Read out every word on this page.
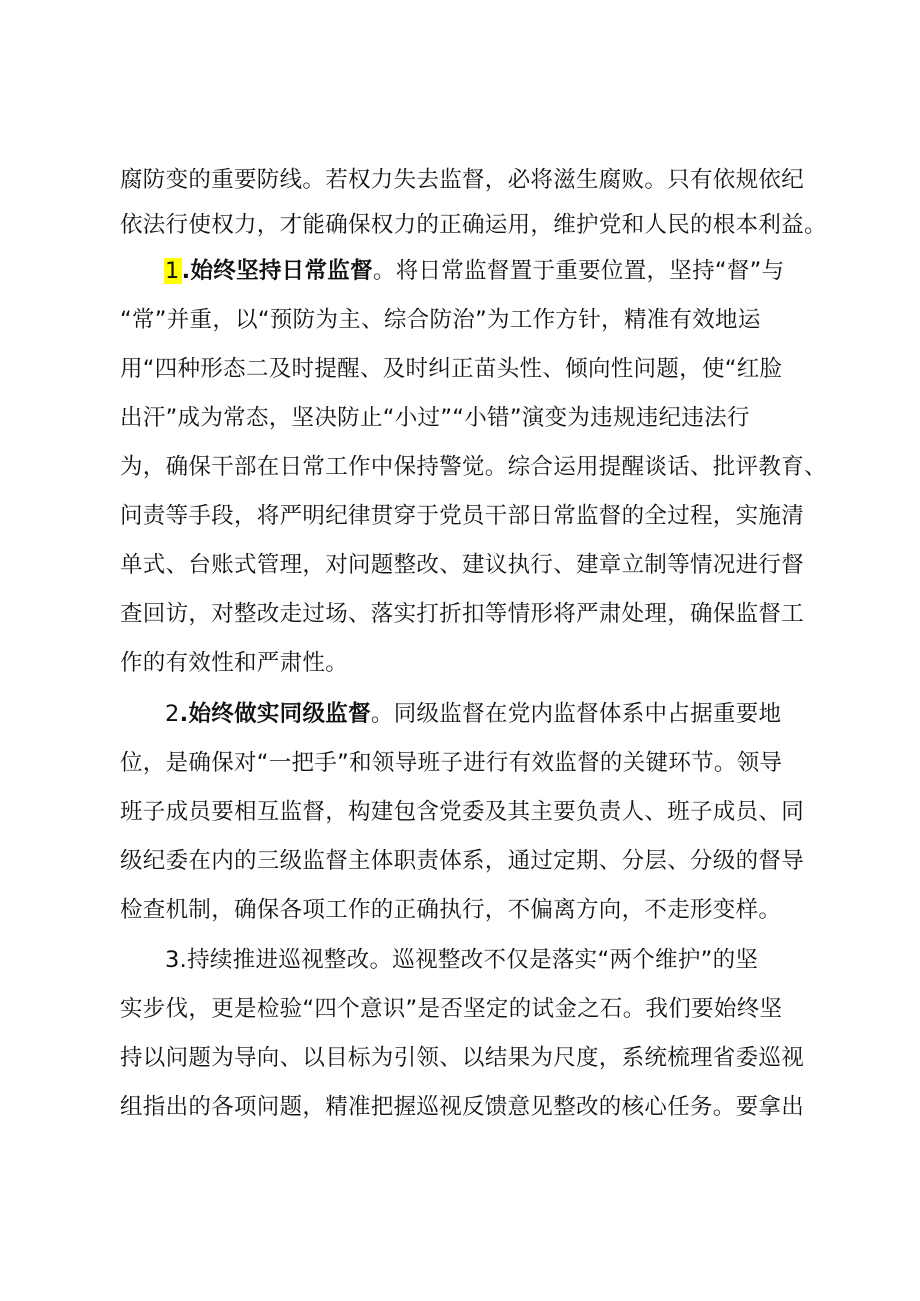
腐防变的重要防线。若权力失去监督，必将滋生腐败。只有依规依纪
依法行使权力，才能确保权力的正确运用，维护党和人民的根本利益。
1.始终坚持日常监督。将日常监督置于重要位置，坚持“督”与
“常”并重，以“预防为主、综合防治”为工作方针，精准有效地运
用“四种形态二及时提醒、及时纠正苗头性、倾向性问题，使“红脸
出汗”成为常态，坚决防止“小过”“小错”演变为违规违纪违法行
为，确保干部在日常工作中保持警觉。综合运用提醒谈话、批评教育、
问责等手段，将严明纪律贯穿于党员干部日常监督的全过程，实施清
单式、台账式管理，对问题整改、建议执行、建章立制等情况进行督
查回访，对整改走过场、落实打折扣等情形将严肃处理，确保监督工
作的有效性和严肃性。
2.始终做实同级监督。同级监督在党内监督体系中占据重要地
位，是确保对“一把手”和领导班子进行有效监督的关键环节。领导
班子成员要相互监督，构建包含党委及其主要负责人、班子成员、同
级纪委在内的三级监督主体职责体系，通过定期、分层、分级的督导
检查机制，确保各项工作的正确执行，不偏离方向，不走形变样。
3.持续推进巡视整改。巡视整改不仅是落实“两个维护”的坚
实步伐，更是检验“四个意识”是否坚定的试金之石。我们要始终坚
持以问题为导向、以目标为引领、以结果为尺度，系统梳理省委巡视
组指出的各项问题，精准把握巡视反馈意见整改的核心任务。要拿出
